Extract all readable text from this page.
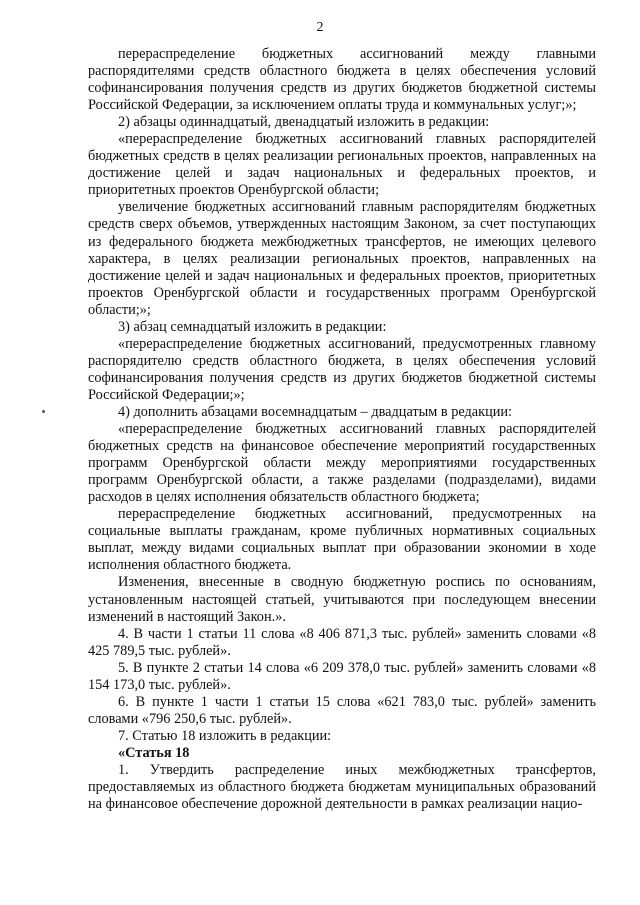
2

перераспределение бюджетных ассигнований между главными распорядителями средств областного бюджета в целях обеспечения условий софинансирования получения средств из других бюджетов бюджетной системы Российской Федерации, за исключением оплаты труда и коммунальных услуг;»;

2) абзацы одиннадцатый, двенадцатый изложить в редакции:

«перераспределение бюджетных ассигнований главных распорядителей бюджетных средств в целях реализации региональных проектов, направленных на достижение целей и задач национальных и федеральных проектов, и приоритетных проектов Оренбургской области;

увеличение бюджетных ассигнований главным распорядителям бюджетных средств сверх объемов, утвержденных настоящим Законом, за счет поступающих из федерального бюджета межбюджетных трансфертов, не имеющих целевого характера, в целях реализации региональных проектов, направленных на достижение целей и задач национальных и федеральных проектов, приоритетных проектов Оренбургской области и государственных программ Оренбургской области;»;

3) абзац семнадцатый изложить в редакции:

«перераспределение бюджетных ассигнований, предусмотренных главному распорядителю средств областного бюджета, в целях обеспечения условий софинансирования получения средств из других бюджетов бюджетной системы Российской Федерации;»;

4) дополнить абзацами восемнадцатым – двадцатым в редакции:

«перераспределение бюджетных ассигнований главных распорядителей бюджетных средств на финансовое обеспечение мероприятий государственных программ Оренбургской области между мероприятиями государственных программ Оренбургской области, а также разделами (подразделами), видами расходов в целях исполнения обязательств областного бюджета;

перераспределение бюджетных ассигнований, предусмотренных на социальные выплаты гражданам, кроме публичных нормативных социальных выплат, между видами социальных выплат при образовании экономии в ходе исполнения областного бюджета.

Изменения, внесенные в сводную бюджетную роспись по основаниям, установленным настоящей статьей, учитываются при последующем внесении изменений в настоящий Закон.».

4. В части 1 статьи 11 слова «8 406 871,3 тыс. рублей» заменить словами «8 425 789,5 тыс. рублей».

5. В пункте 2 статьи 14 слова «6 209 378,0 тыс. рублей» заменить словами «8 154 173,0 тыс. рублей».

6. В пункте 1 части 1 статьи 15 слова «621 783,0 тыс. рублей» заменить словами «796 250,6 тыс. рублей».

7. Статью 18 изложить в редакции:

«Статья 18

1. Утвердить распределение иных межбюджетных трансфертов, предоставляемых из областного бюджета бюджетам муниципальных образований на финансовое обеспечение дорожной деятельности в рамках реализации нацио-
